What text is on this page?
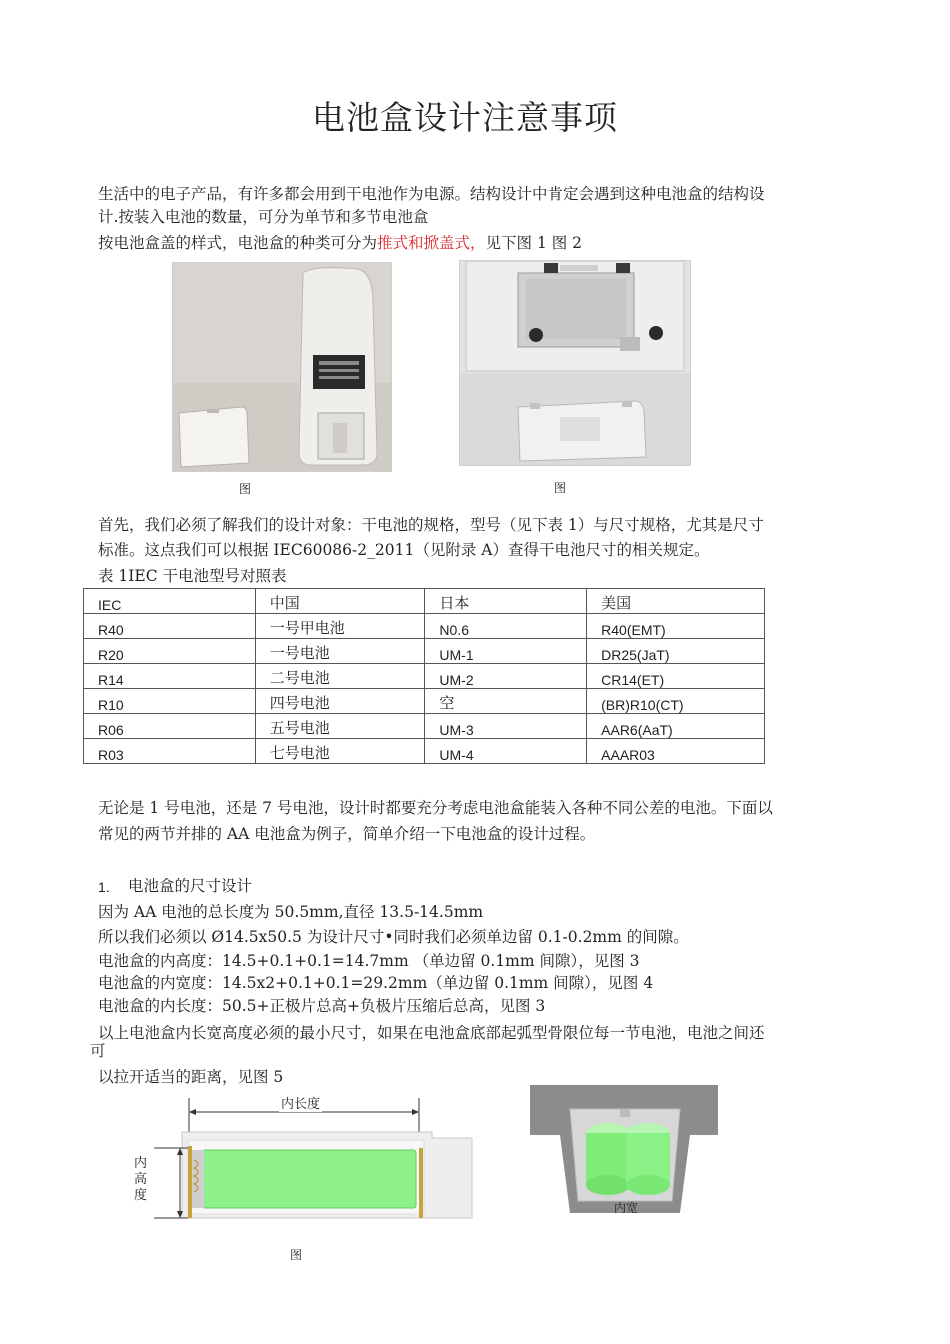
电池盒设计注意事项
生活中的电子产品，有许多都会用到干电池作为电源。结构设计中肯定会遇到这种电池盒的结构设
计.按装入电池的数量，可分为单节和多节电池盒
按电池盒盖的样式，电池盒的种类可分为推式和掀盖式，见下图 1 图 2
图	图
首先，我们必须了解我们的设计对象：干电池的规格，型号（见下表 1）与尺寸规格，尤其是尺寸
标准。这点我们可以根据 IEC60086-2_2011（见附录 A）查得干电池尺寸的相关规定。
表 1IEC 干电池型号对照表
IEC	中国	日本	美国
R40	一号甲电池	N0.6	R40(EMT)
R20	一号电池	UM-1	DR25(JaT)
R14	二号电池	UM-2	CR14(ET)
R10	四号电池	空	(BR)R10(CT)
R06	五号电池	UM-3	AAR6(AaT)
R03	七号电池	UM-4	AAAR03
无论是 1 号电池，还是 7 号电池，设计时都要充分考虑电池盒能装入各种不同公差的电池。下面以
常见的两节并排的 AA 电池盒为例子，简单介绍一下电池盒的设计过程。
1. 电池盒的尺寸设计
因为 AA 电池的总长度为 50.5mm,直径 13.5-14.5mm
所以我们必须以 Ø14.5x50.5 为设计尺寸•同时我们必须单边留 0.1-0.2mm 的间隙。
电池盒的内高度：14.5+0.1+0.1=14.7mm （单边留 0.1mm 间隙），见图 3
电池盒的内宽度：14.5x2+0.1+0.1=29.2mm（单边留 0.1mm 间隙），见图 4
电池盒的内长度：50.5+正极片总高+负极片压缩后总高，见图 3
以上电池盒内长宽高度必须的最小尺寸，如果在电池盒底部起弧型骨限位每一节电池，电池之间还
可
以拉开适当的距离，见图 5
内长度
内
高
度
图
内宽
